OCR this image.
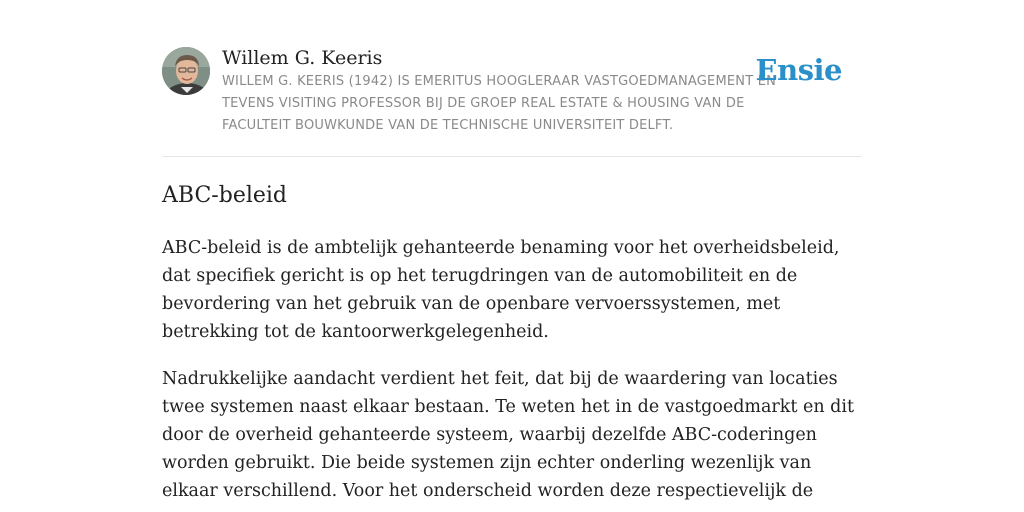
Willem G. Keeris
WILLEM G. KEERIS (1942) IS EMERITUS HOOGLERAAR VASTGOEDMANAGEMENT EN TEVENS VISITING PROFESSOR BIJ DE GROEP REAL ESTATE & HOUSING VAN DE FACULTEIT BOUWKUNDE VAN DE TECHNISCHE UNIVERSITEIT DELFT.
Ensie
ABC-beleid

ABC-beleid is de ambtelijk gehanteerde benaming voor het overheidsbeleid, dat specifiek gericht is op het terugdringen van de automobiliteit en de bevordering van het gebruik van de openbare vervoerssystemen, met betrekking tot de kantoorwerkgelegenheid.

Nadrukkelijke aandacht verdient het feit, dat bij de waardering van locaties twee systemen naast elkaar bestaan. Te weten het in de vastgoedmarkt en dit door de overheid gehanteerde systeem, waarbij dezelfde ABC-coderingen worden gebruikt. Die beide systemen zijn echter onderling wezenlijk van elkaar verschillend. Voor het onderscheid worden deze respectievelijk de
